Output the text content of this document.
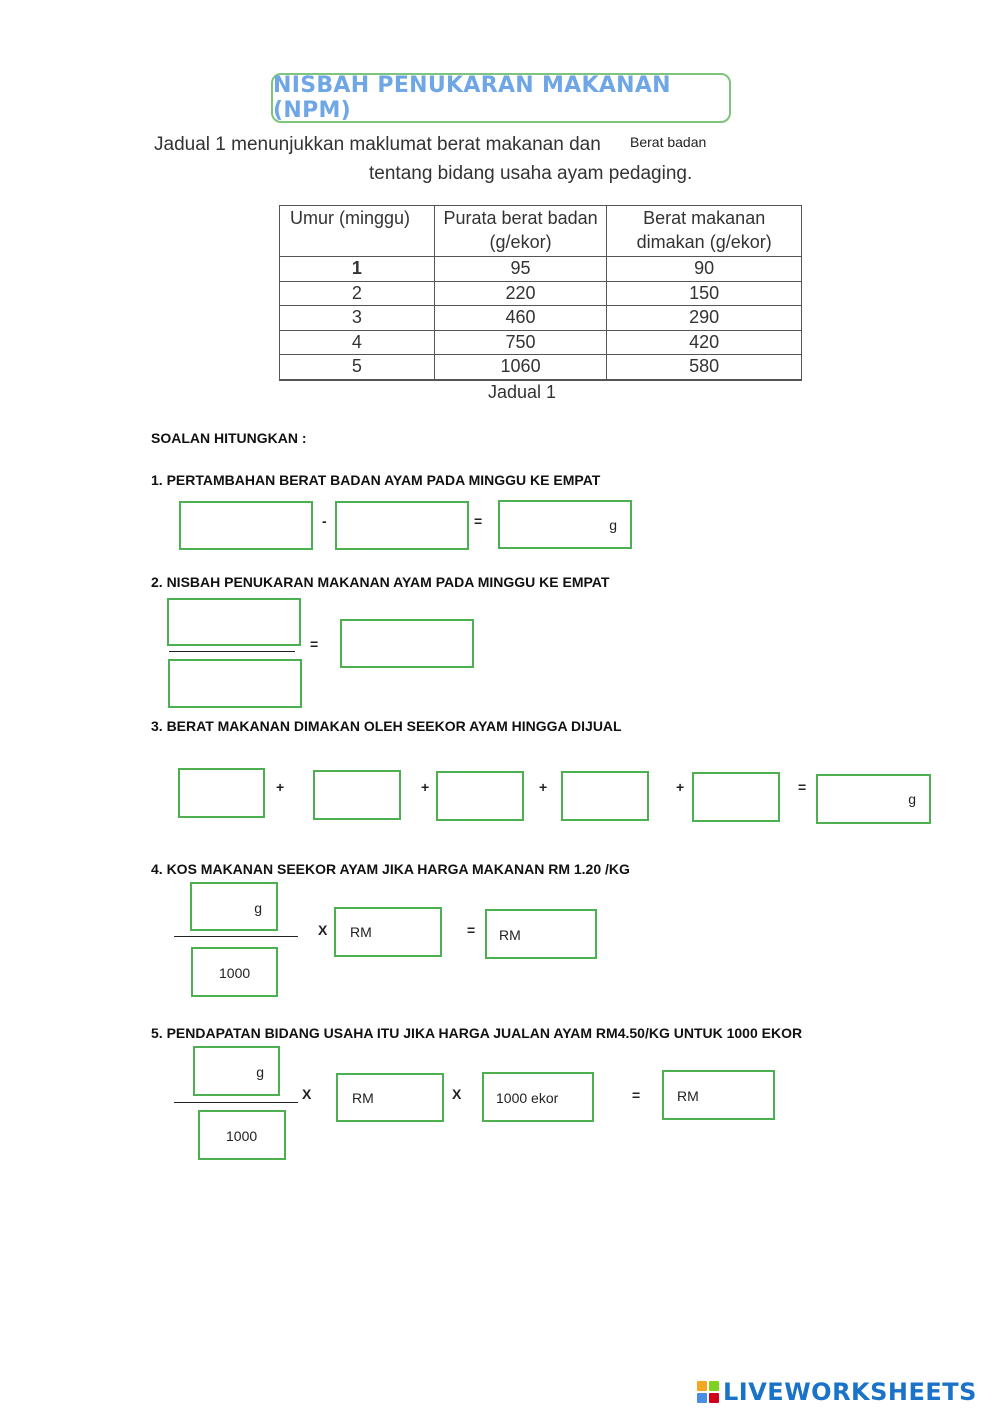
NISBAH PENUKARAN MAKANAN (NPM)
Jadual 1 menunjukkan maklumat berat makanan dan Berat badan
tentang bidang usaha ayam pedaging.
Umur (minggu)	Purata berat badan (g/ekor)	Berat makanan dimakan (g/ekor)
1	95	90
2	220	150
3	460	290
4	750	420
5	1060	580
Jadual 1
SOALAN HITUNGKAN :
1. PERTAMBAHAN BERAT BADAN AYAM PADA MINGGU KE EMPAT
-	=	g
2. NISBAH PENUKARAN MAKANAN AYAM PADA MINGGU KE EMPAT
=
3. BERAT MAKANAN DIMAKAN OLEH SEEKOR AYAM HINGGA DIJUAL
+	+	+	+	=
g
4. KOS MAKANAN SEEKOR AYAM JIKA HARGA MAKANAN RM 1.20 /KG
g
1000
X RM	= RM
5. PENDAPATAN BIDANG USAHA ITU JIKA HARGA JUALAN AYAM RM4.50/KG UNTUK 1000 EKOR
g
1000
X	RM	X 1000 ekor	=	RM
LIVEWORKSHEETS
